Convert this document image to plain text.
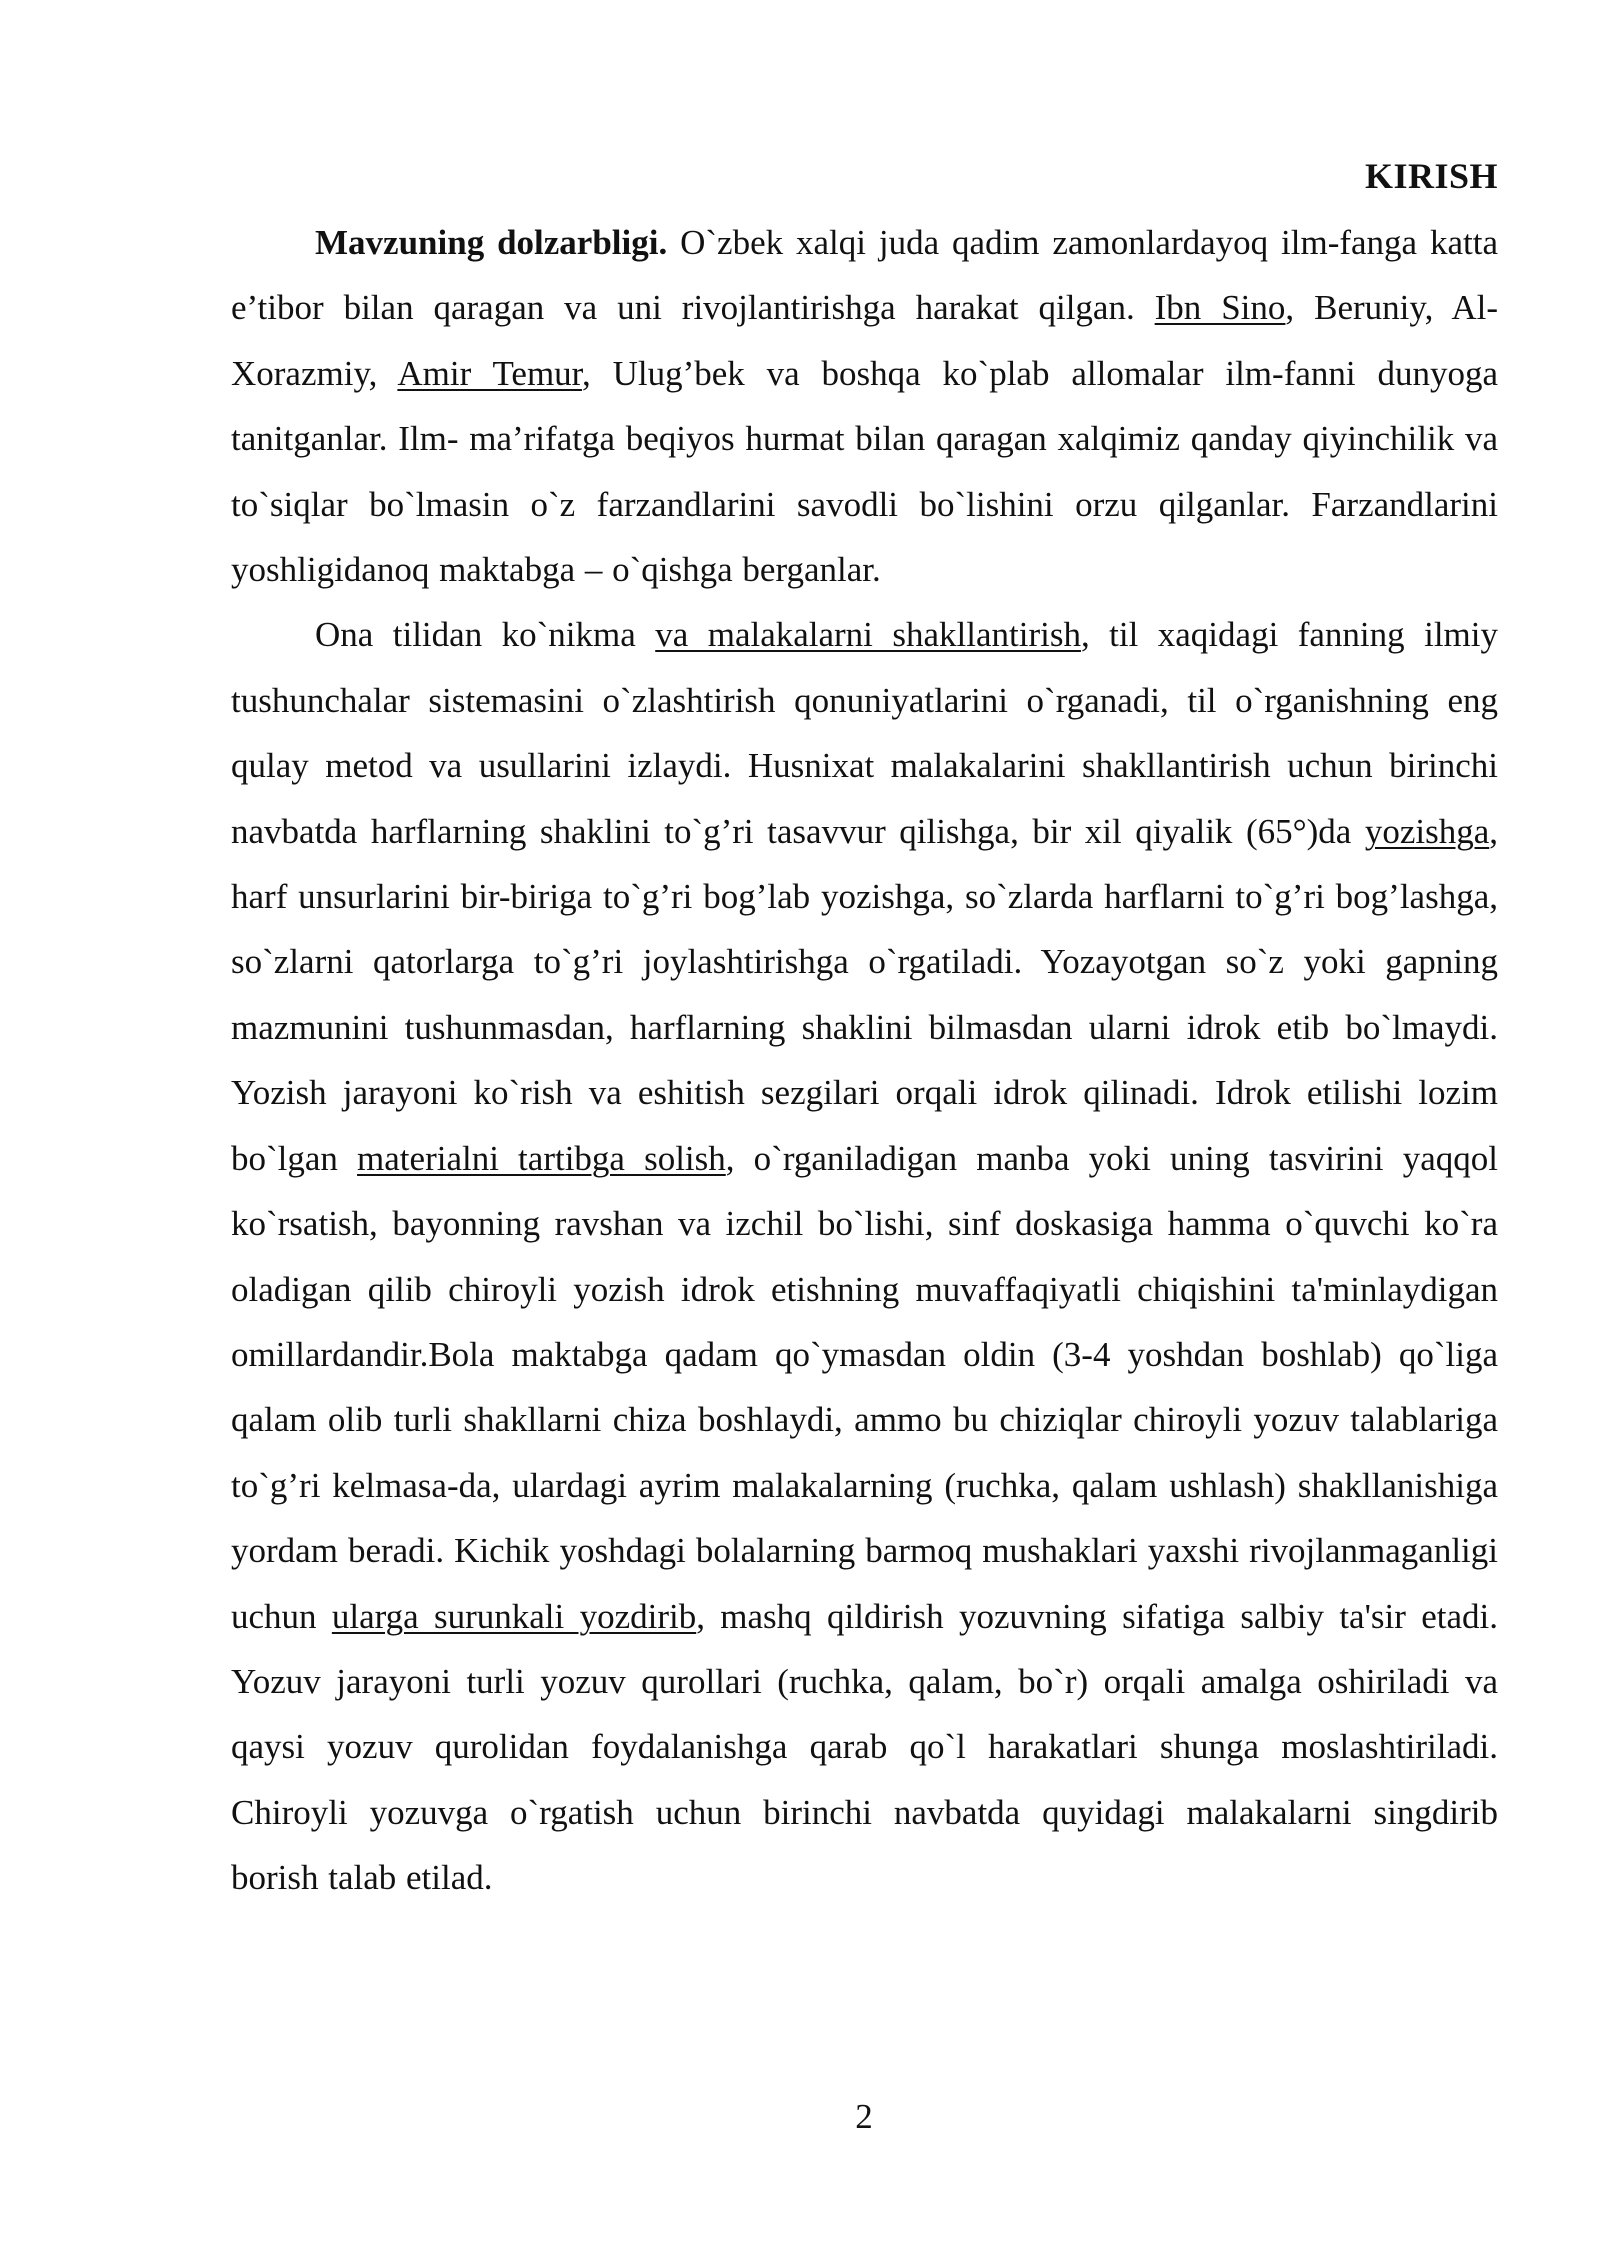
KIRISH

Mavzuning dolzarbligi. O`zbek xalqi juda qadim zamonlardayoq ilm-fanga katta e’tibor bilan qaragan va uni rivojlantirishga harakat qilgan. Ibn Sino, Beruniy, Al-Xorazmiy, Amir Temur, Ulug’bek va boshqa ko`plab allomalar ilm-fanni dunyoga tanitganlar. Ilm- ma’rifatga beqiyos hurmat bilan qaragan xalqimiz qanday qiyinchilik va to`siqlar bo`lmasin o`z farzandlarini savodli bo`lishini orzu qilganlar. Farzandlarini yoshligidanoq maktabga – o`qishga berganlar.

Ona tilidan ko`nikma va malakalarni shakllantirish, til xaqidagi fanning ilmiy tushunchalar sistemasini o`zlashtirish qonuniyatlarini o`rganadi, til o`rganishning eng qulay metod va usullarini izlaydi. Husnixat malakalarini shakllantirish uchun birinchi navbatda harflarning shaklini to`g’ri tasavvur qilishga, bir xil qiyalik (65°)da yozishga, harf unsurlarini bir-biriga to`g’ri bog’lab yozishga, so`zlarda harflarni to`g’ri bog’lashga, so`zlarni qatorlarga to`g’ri joylashtirishga o`rgatiladi. Yozayotgan so`z yoki gapning mazmunini tushunmasdan, harflarning shaklini bilmasdan ularni idrok etib bo`lmaydi. Yozish jarayoni ko`rish va eshitish sezgilari orqali idrok qilinadi. Idrok etilishi lozim bo`lgan materialni tartibga solish, o`rganiladigan manba yoki uning tasvirini yaqqol ko`rsatish, bayonning ravshan va izchil bo`lishi, sinf doskasiga hamma o`quvchi ko`ra oladigan qilib chiroyli yozish idrok etishning muvaffaqiyatli chiqishini ta'minlaydigan omillardandir.Bola maktabga qadam qo`ymasdan oldin (3-4 yoshdan boshlab) qo`liga qalam olib turli shakllarni chiza boshlaydi, ammo bu chiziqlar chiroyli yozuv talablariga to`g’ri kelmasa-da, ulardagi ayrim malakalarning (ruchka, qalam ushlash) shakllanishiga yordam beradi. Kichik yoshdagi bolalarning barmoq mushaklari yaxshi rivojlanmaganligi uchun ularga surunkali yozdirib, mashq qildirish yozuvning sifatiga salbiy ta'sir etadi. Yozuv jarayoni turli yozuv qurollari (ruchka, qalam, bo`r) orqali amalga oshiriladi va qaysi yozuv qurolidan foydalanishga qarab qo`l harakatlari shunga moslashtiriladi. Chiroyli yozuvga o`rgatish uchun birinchi navbatda quyidagi malakalarni singdirib borish talab etilad.

2
